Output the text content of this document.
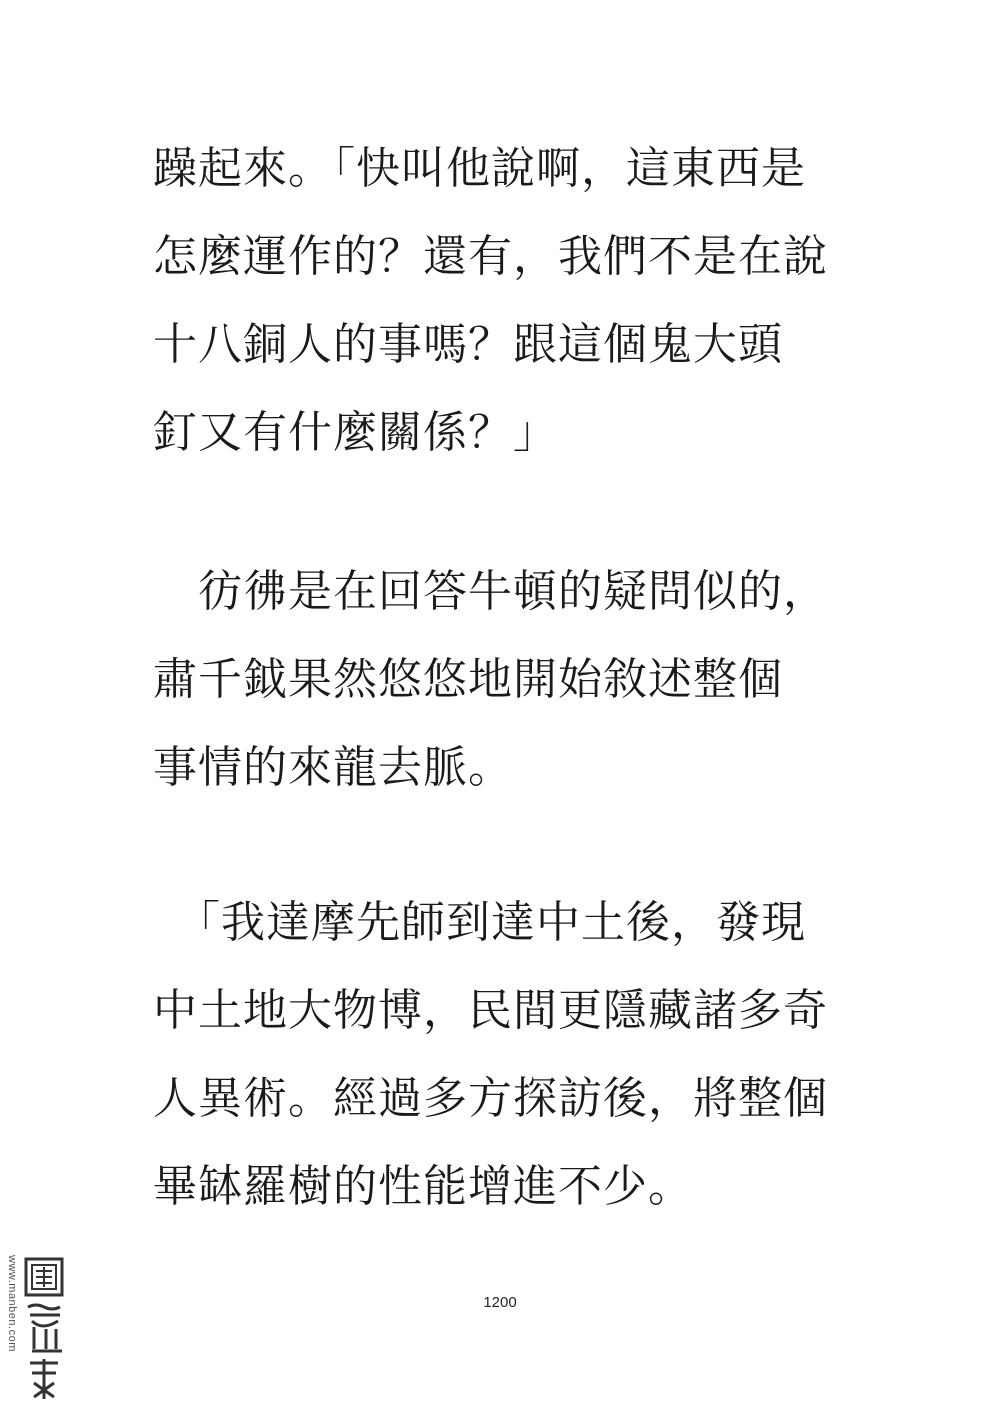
躁起來。「快叫他說啊，這東西是
怎麼運作的？還有，我們不是在說
十八銅人的事嗎？跟這個鬼大頭
釘又有什麼關係？」
　彷彿是在回答牛頓的疑問似的，
肅千鉞果然悠悠地開始敘述整個
事情的來龍去脈。
　「我達摩先師到達中土後，發現
中土地大物博，民間更隱藏諸多奇
人異術。經過多方探訪後，將整個
畢缽羅樹的性能增進不少。
1200
www.manben.com
